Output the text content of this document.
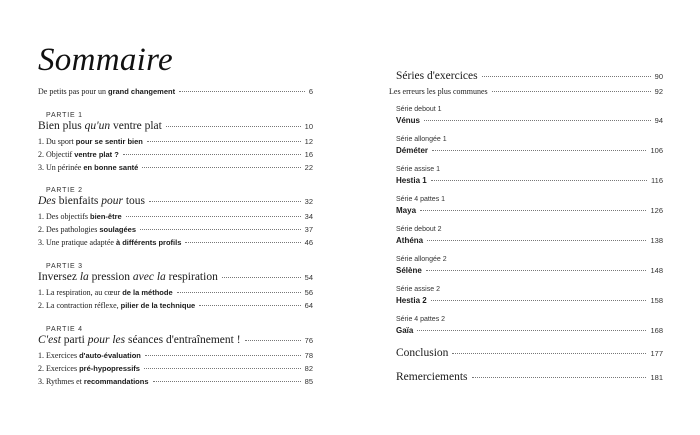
Sommaire
De petits pas pour un grand changement	6
PARTIE 1
Bien plus qu'un ventre plat	10
1. Du sport pour se sentir bien	12
2. Objectif ventre plat ?	16
3. Un périnée en bonne santé	22
PARTIE 2
Des bienfaits pour tous	32
1. Des objectifs bien-être	34
2. Des pathologies soulagées	37
3. Une pratique adaptée à différents profils	46
PARTIE 3
Inversez la pression avec la respiration	54
1. La respiration, au cœur de la méthode	56
2. La contraction réflexe, pilier de la technique	64
PARTIE 4
C'est parti pour les séances d'entraînement !	76
1. Exercices d'auto-évaluation	78
2. Exercices pré-hypopressifs	82
3. Rythmes et recommandations	85
Séries d'exercices	90
Les erreurs les plus communes	92
Série debout 1
Vénus	94
Série allongée 1
Déméter	106
Série assise 1
Hestia 1	116
Série 4 pattes 1
Maya	126
Série debout 2
Athéna	138
Série allongée 2
Sélène	148
Série assise 2
Hestia 2	158
Série 4 pattes 2
Gaïa	168
Conclusion	177
Remerciements	181
